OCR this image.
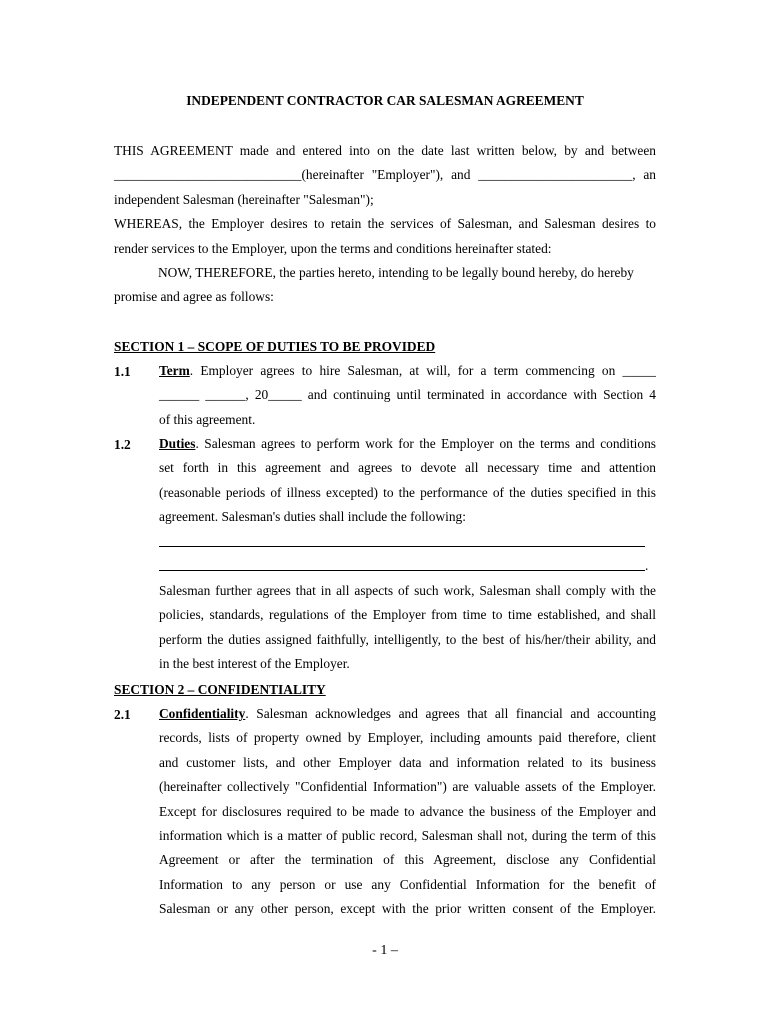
INDEPENDENT CONTRACTOR CAR SALESMAN AGREEMENT
THIS AGREEMENT made and entered into on the date last written below, by and between
____________________________(hereinafter "Employer"), and _______________________, an
independent Salesman (hereinafter "Salesman");
WHEREAS, the Employer desires to retain the services of Salesman, and Salesman desires to
render services to the Employer, upon the terms and conditions hereinafter stated:
NOW, THEREFORE, the parties hereto, intending to be legally bound hereby, do hereby
promise and agree as follows:
SECTION 1 – SCOPE OF DUTIES TO BE PROVIDED
1.1 Term. Employer agrees to hire Salesman, at will, for a term commencing on _____
______ ______, 20_____ and continuing until terminated in accordance with Section 4
of this agreement.
1.2 Duties. Salesman agrees to perform work for the Employer on the terms and conditions
set forth in this agreement and agrees to devote all necessary time and attention
(reasonable periods of illness excepted) to the performance of the duties specified in this
agreement. Salesman's duties shall include the following:
.
Salesman further agrees that in all aspects of such work, Salesman shall comply with the
policies, standards, regulations of the Employer from time to time established, and shall
perform the duties assigned faithfully, intelligently, to the best of his/her/their ability, and
in the best interest of the Employer.
SECTION 2 – CONFIDENTIALITY
2.1 Confidentiality. Salesman acknowledges and agrees that all financial and accounting
records, lists of property owned by Employer, including amounts paid therefore, client
and customer lists, and other Employer data and information related to its business
(hereinafter collectively "Confidential Information") are valuable assets of the Employer.
Except for disclosures required to be made to advance the business of the Employer and
information which is a matter of public record, Salesman shall not, during the term of this
Agreement or after the termination of this Agreement, disclose any Confidential
Information to any person or use any Confidential Information for the benefit of
Salesman or any other person, except with the prior written consent of the Employer.
- 1 –
